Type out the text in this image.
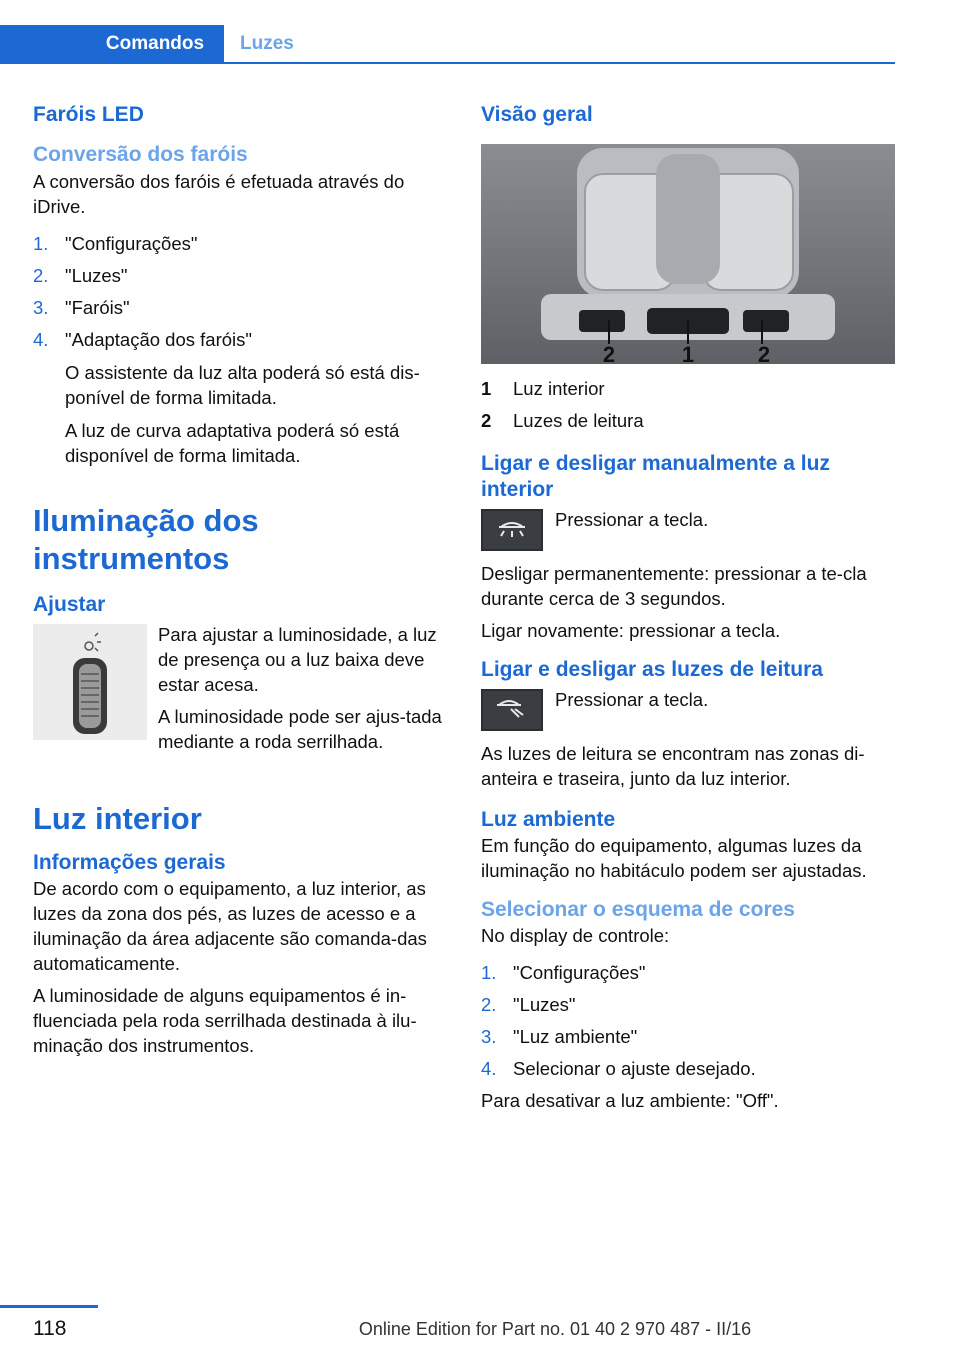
Comandos	Luzes
Faróis LED
Conversão dos faróis

A conversão dos faróis é efetuada através do iDrive.

1. "Configurações"
2. "Luzes"
3. "Faróis"
4. "Adaptação dos faróis"

O assistente da luz alta poderá só está dis-ponível de forma limitada.

A luz de curva adaptativa poderá só está disponível de forma limitada.

Iluminação dos instrumentos
Ajustar

Para ajustar a luminosidade, a luz de presença ou a luz baixa deve estar acesa.

A luminosidade pode ser ajus-tada mediante a roda serrilhada.

Luz interior
Informações gerais

De acordo com o equipamento, a luz interior, as luzes da zona dos pés, as luzes de acesso e a iluminação da área adjacente são comanda-das automaticamente.

A luminosidade de alguns equipamentos é in-fluenciada pela roda serrilhada destinada à ilu-minação dos instrumentos.

Visão geral
2	1	2
1 Luz interior
2 Luzes de leitura
Ligar e desligar manualmente a luz interior

Pressionar a tecla.

Desligar permanentemente: pressionar a te-cla durante cerca de 3 segundos.

Ligar novamente: pressionar a tecla.

Ligar e desligar as luzes de leitura

Pressionar a tecla.

As luzes de leitura se encontram nas zonas di-anteira e traseira, junto da luz interior.

Luz ambiente

Em função do equipamento, algumas luzes da iluminação no habitáculo podem ser ajustadas.

Selecionar o esquema de cores

No display de controle:

1. "Configurações"
2. "Luzes"
3. "Luz ambiente"
4. Selecionar o ajuste desejado.

Para desativar a luz ambiente: "Off".

118	Online Edition for Part no. 01 40 2 970 487 - II/16
